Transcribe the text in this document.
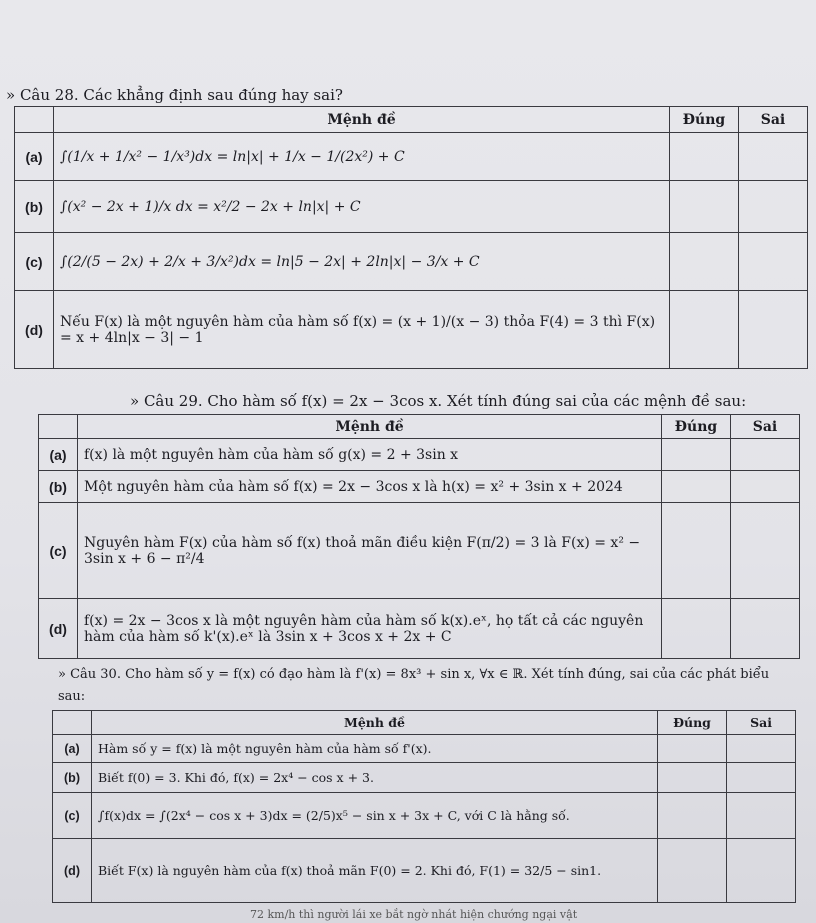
» Câu 28. Các khẳng định sau đúng hay sai?
	Mệnh đề	Đúng	Sai
(a)	∫(1/x + 1/x² − 1/x³)dx = ln|x| + 1/x − 1/(2x²) + C		
(b)	∫(x² − 2x + 1)/x dx = x²/2 − 2x + ln|x| + C		
(c)	∫(2/(5 − 2x) + 2/x + 3/x²)dx = ln|5 − 2x| + 2ln|x| − 3/x + C		
(d)	Nếu F(x) là một nguyên hàm của hàm số f(x) = (x + 1)/(x − 3) thỏa F(4) = 3 thì F(x) = x + 4ln|x − 3| − 1		
» Câu 29. Cho hàm số f(x) = 2x − 3cos x. Xét tính đúng sai của các mệnh đề sau:
	Mệnh đề	Đúng	Sai
(a)	f(x) là một nguyên hàm của hàm số g(x) = 2 + 3sin x		
(b)	Một nguyên hàm của hàm số f(x) = 2x − 3cos x là h(x) = x² + 3sin x + 2024		
(c)	Nguyên hàm F(x) của hàm số f(x) thoả mãn điều kiện F(π/2) = 3 là F(x) = x² − 3sin x + 6 − π²/4		
(d)	f(x) = 2x − 3cos x là một nguyên hàm của hàm số k(x).eˣ, họ tất cả các nguyên hàm của hàm số k'(x).eˣ là 3sin x + 3cos x + 2x + C		
» Câu 30. Cho hàm số y = f(x) có đạo hàm là f'(x) = 8x³ + sin x, ∀x ∈ ℝ. Xét tính đúng, sai của các phát biểu sau:
	Mệnh đề	Đúng	Sai
(a)	Hàm số y = f(x) là một nguyên hàm của hàm số f'(x).		
(b)	Biết f(0) = 3. Khi đó, f(x) = 2x⁴ − cos x + 3.		
(c)	∫f(x)dx = ∫(2x⁴ − cos x + 3)dx = (2/5)x⁵ − sin x + 3x + C, với C là hằng số.		
(d)	Biết F(x) là nguyên hàm của f(x) thoả mãn F(0) = 2. Khi đó, F(1) = 32/5 − sin1.		
72 km/h thì người lái xe bắt ngờ nhát hiện chướng ngại vật
